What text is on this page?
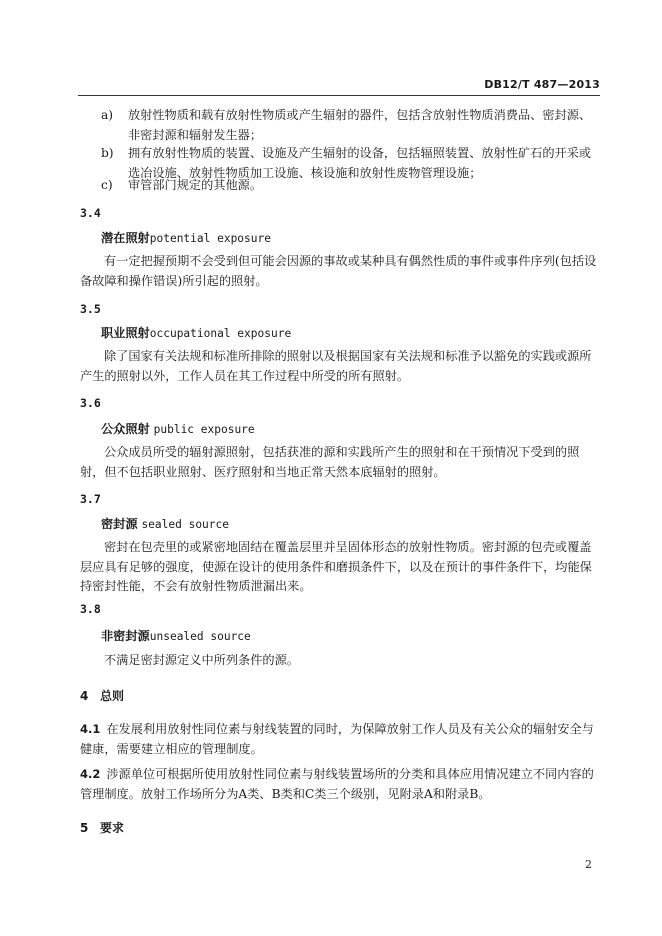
DB12/T 487—2013
a)	放射性物质和载有放射性物质或产生辐射的器件，包括含放射性物质消费品、密封源、非密封源和辐射发生器；
b)	拥有放射性物质的装置、设施及产生辐射的设备，包括辐照装置、放射性矿石的开采或选冶设施、放射性物质加工设施、核设施和放射性废物管理设施；
c)	审管部门规定的其他源。
3.4
潜在照射potential exposure
有一定把握预期不会受到但可能会因源的事故或某种具有偶然性质的事件或事件序列(包括设备故障和操作错误)所引起的照射。
3.5
职业照射occupational exposure
除了国家有关法规和标准所排除的照射以及根据国家有关法规和标准予以豁免的实践或源所产生的照射以外，工作人员在其工作过程中所受的所有照射。
3.6
公众照射 public exposure
公众成员所受的辐射源照射，包括获准的源和实践所产生的照射和在干预情况下受到的照射，但不包括职业照射、医疗照射和当地正常天然本底辐射的照射。
3.7
密封源 sealed source
密封在包壳里的或紧密地固结在覆盖层里并呈固体形态的放射性物质。密封源的包壳或覆盖层应具有足够的强度，使源在设计的使用条件和磨损条件下，以及在预计的事件条件下，均能保持密封性能，不会有放射性物质泄漏出来。
3.8
非密封源unsealed source
不满足密封源定义中所列条件的源。
4 总则
4.1 在发展利用放射性同位素与射线装置的同时，为保障放射工作人员及有关公众的辐射安全与健康，需要建立相应的管理制度。
4.2 涉源单位可根据所使用放射性同位素与射线装置场所的分类和具体应用情况建立不同内容的管理制度。放射工作场所分为A类、B类和C类三个级别，见附录A和附录B。
5 要求
2
